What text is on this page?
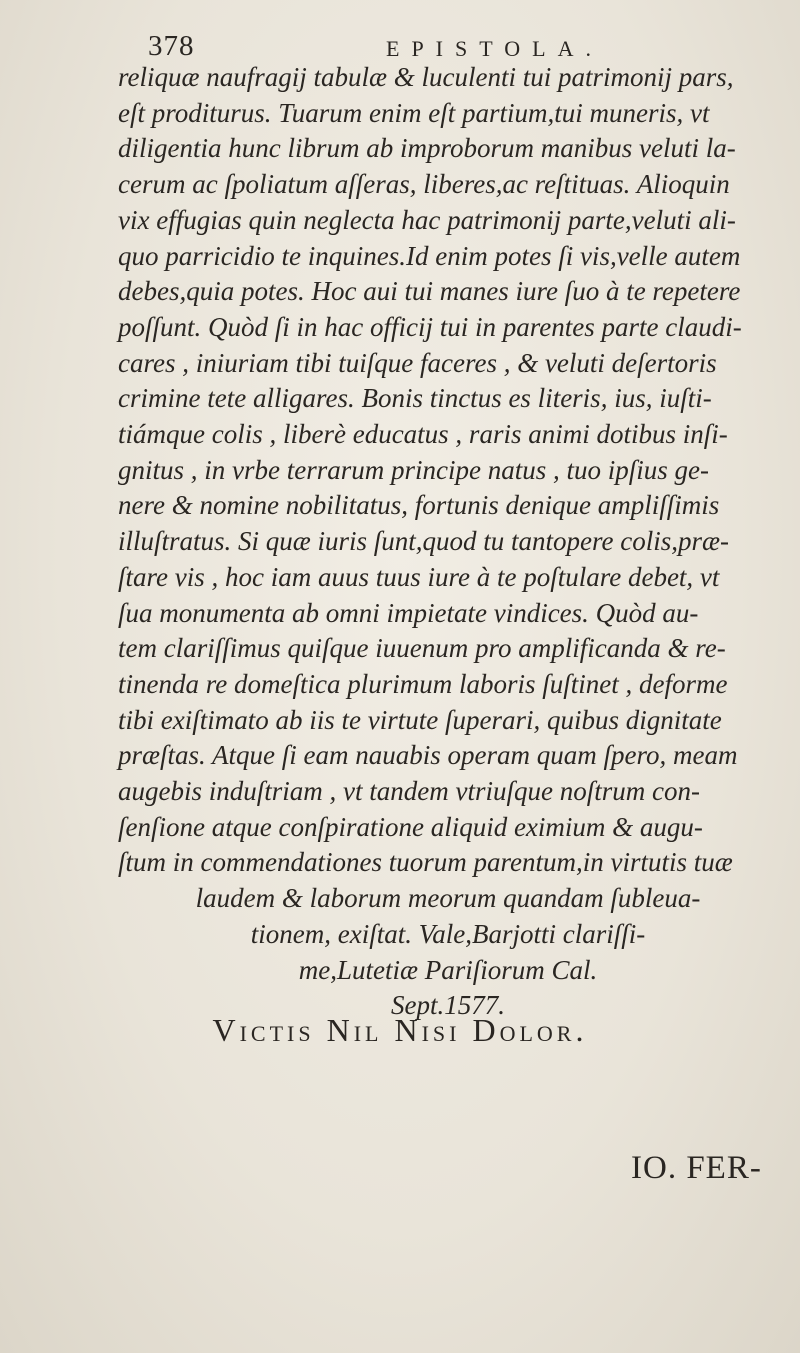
378	EPISTOLA.
reliquæ naufragij tabulæ & luculenti tui patrimonij pars,
eſt proditurus. Tuarum enim eſt partium,tui muneris, vt
diligentia hunc librum ab improborum manibus veluti la-
cerum ac ſpoliatum aſſeras, liberes,ac reſtituas. Alioquin
vix effugias quin neglecta hac patrimonij parte,veluti ali-
quo parricidio te inquines.Id enim potes ſi vis,velle autem
debes,quia potes. Hoc aui tui manes iure ſuo à te repetere
poſſunt. Quòd ſi in hac officij tui in parentes parte claudi-
cares , iniuriam tibi tuiſque faceres , & veluti deſertoris
crimine tete alligares. Bonis tinctus es literis, ius, iuſti-
tiámque colis , liberè educatus , raris animi dotibus inſi-
gnitus , in vrbe terrarum principe natus , tuo ipſius ge-
nere & nomine nobilitatus, fortunis denique ampliſſimis
illuſtratus. Si quæ iuris ſunt,quod tu tantopere colis,præ-
ſtare vis , hoc iam auus tuus iure à te poſtulare debet, vt
ſua monumenta ab omni impietate vindices. Quòd au-
tem clariſſimus quiſque iuuenum pro amplificanda & re-
tinenda re domeſtica plurimum laboris ſuſtinet , deforme
tibi exiſtimato ab iis te virtute ſuperari, quibus dignitate
præſtas. Atque ſi eam nauabis operam quam ſpero, meam
augebis induſtriam , vt tandem vtriuſque noſtrum con-
ſenſione atque conſpiratione aliquid eximium & augu-
ſtum in commendationes tuorum parentum,in virtutis tuæ
laudem & laborum meorum quandam ſubleua-
tionem, exiſtat. Vale,Barjotti clariſſi-
me,Lutetiæ Pariſiorum Cal.
Sept.1577.
Victis Nil Nisi Dolor.
IO. FER-
